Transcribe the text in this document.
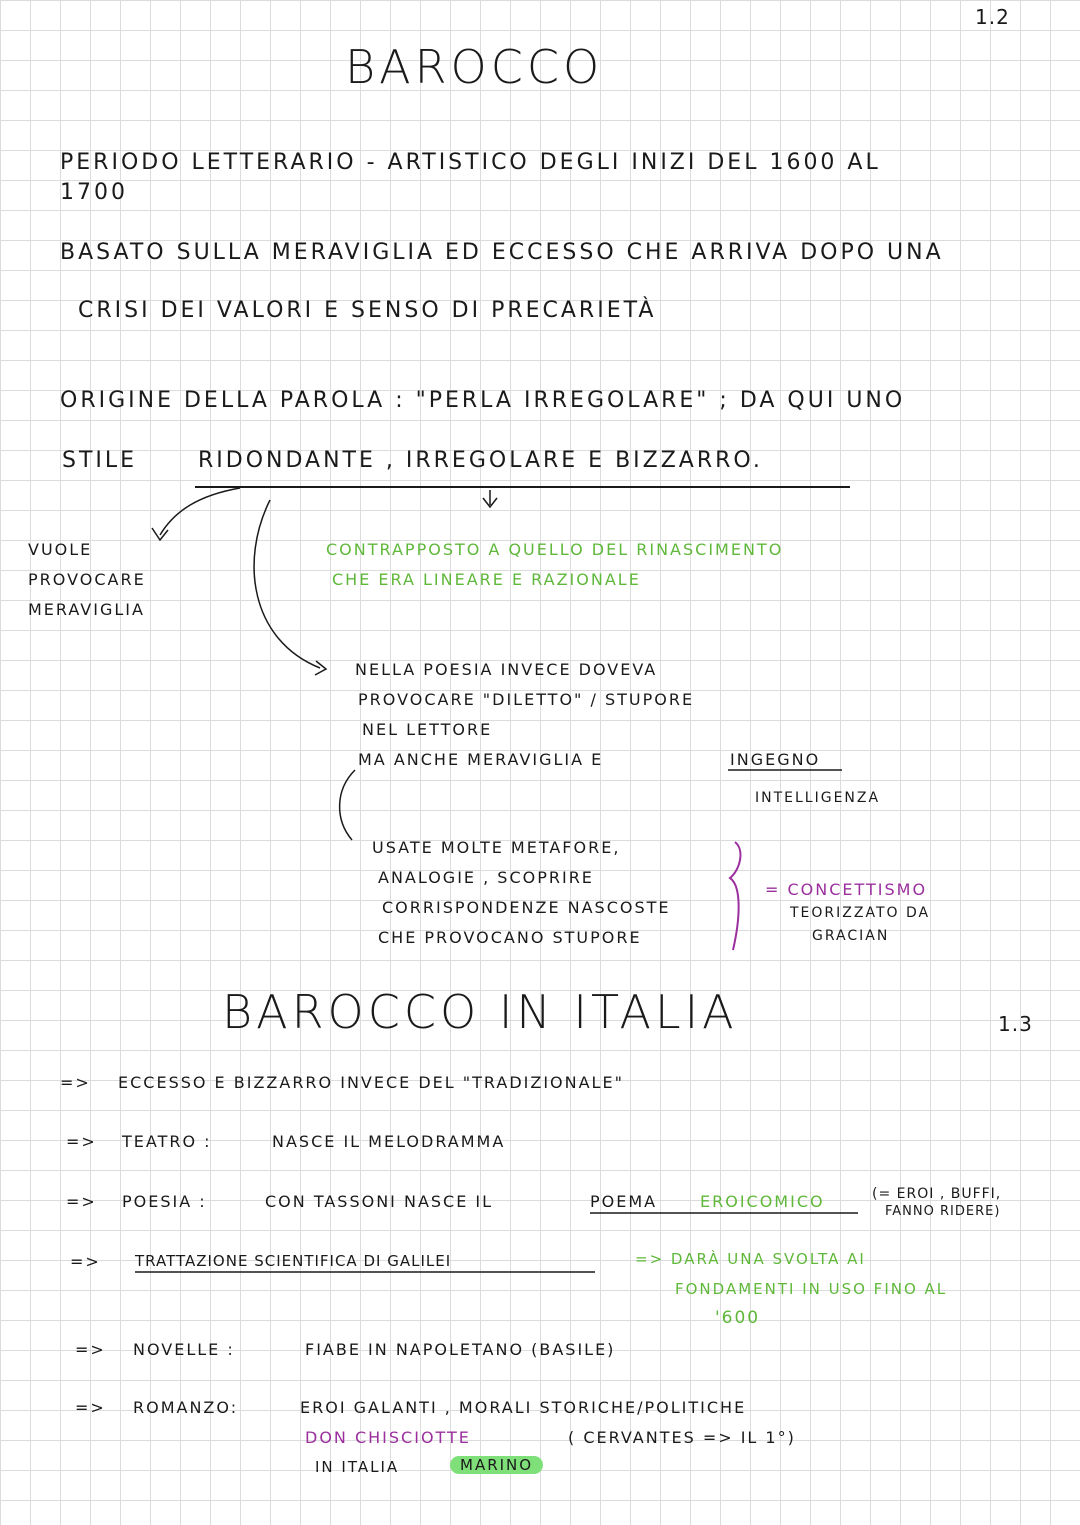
1.2
BAROCCO
PERIODO LETTERARIO - ARTISTICO DEGLI INIZI DEL 1600 AL
1700
BASATO SULLA MERAVIGLIA ED ECCESSO CHE ARRIVA DOPO UNA
CRISI DEI VALORI E SENSO DI PRECARIETÀ
ORIGINE DELLA PAROLA : "PERLA IRREGOLARE" ; DA QUI UNO
STILE	RIDONDANTE , IRREGOLARE E BIZZARRO.
VUOLE
PROVOCARE
MERAVIGLIA
CONTRAPPOSTO A QUELLO DEL RINASCIMENTO
CHE ERA LINEARE E RAZIONALE
NELLA POESIA INVECE DOVEVA
PROVOCARE "DILETTO" / STUPORE
NEL LETTORE
MA ANCHE MERAVIGLIA E	INGEGNO
INTELLIGENZA
USATE MOLTE METAFORE,
ANALOGIE , SCOPRIRE
CORRISPONDENZE NASCOSTE
CHE PROVOCANO STUPORE
= CONCETTISMO
TEORIZZATO DA
GRACIAN
BAROCCO IN ITALIA	1.3
=> ECCESSO E BIZZARRO INVECE DEL "TRADIZIONALE"
=> TEATRO :	NASCE IL MELODRAMMA
=> POESIA :	CON TASSONI NASCE IL	POEMA	EROICOMICO	(= EROI , BUFFI,
FANNO RIDERE)
=> TRATTAZIONE SCIENTIFICA DI GALILEI	=> DARÀ UNA SVOLTA AI
FONDAMENTI IN USO FINO AL
'600
=> NOVELLE :	FIABE IN NAPOLETANO (BASILE)
=> ROMANZO:	EROI GALANTI , MORALI STORICHE/POLITICHE
DON CHISCIOTTE	( CERVANTES => IL 1°)
IN ITALIA	MARINO
